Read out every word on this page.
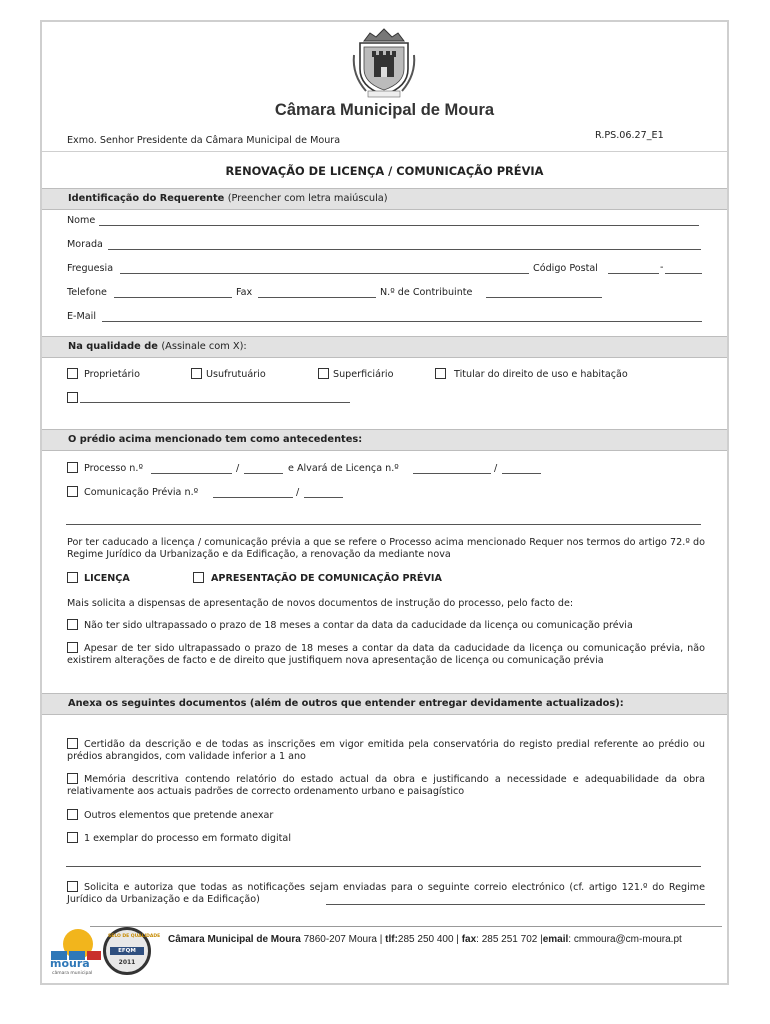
Câmara Municipal de Moura
Exmo. Senhor Presidente da Câmara Municipal de Moura	R.PS.06.27_E1
RENOVAÇÃO DE LICENÇA / COMUNICAÇÃO PRÉVIA
Identificação do Requerente (Preencher com letra maiúscula)
Nome
Morada
Freguesia	Código Postal	-
Telefone	Fax	N.º de Contribuinte
E-Mail
Na qualidade de (Assinale com X):
Proprietário	Usufrutuário	Superficiário	Titular do direito de uso e habitação
O prédio acima mencionado tem como antecedentes:
Processo n.º	/	e Alvará de Licença n.º	/
Comunicação Prévia n.º	/
Por ter caducado a licença / comunicação prévia a que se refere o Processo acima mencionado Requer nos termos do artigo 72.º do Regime Jurídico da Urbanização e da Edificação, a renovação da mediante nova
LICENÇA	APRESENTAÇÃO DE COMUNICAÇÃO PRÉVIA
Mais solicita a dispensas de apresentação de novos documentos de instrução do processo, pelo facto de:
Não ter sido ultrapassado o prazo de 18 meses a contar da data da caducidade da licença ou comunicação prévia
Apesar de ter sido ultrapassado o prazo de 18 meses a contar da data da caducidade da licença ou comunicação prévia, não existirem alterações de facto e de direito que justifiquem nova apresentação de licença ou comunicação prévia
Anexa os seguintes documentos (além de outros que entender entregar devidamente actualizados):
Certidão da descrição e de todas as inscrições em vigor emitida pela conservatória do registo predial referente ao prédio ou prédios abrangidos, com validade inferior a 1 ano
Memória descritiva contendo relatório do estado actual da obra e justificando a necessidade e adequabilidade da obra relativamente aos actuais padrões de correcto ordenamento urbano e paisagístico
Outros elementos que pretende anexar
1 exemplar do processo em formato digital
Solicita e autoriza que todas as notificações sejam enviadas para o seguinte correio electrónico (cf. artigo 121.º do Regime Jurídico da Urbanização e da Edificação)
moura
câmara municipal
SELO DE QUALIDADE
EFQM
2011
Câmara Municipal de Moura 7860-207 Moura | tlf:285 250 400 | fax: 285 251 702 |email: cmmoura@cm-moura.pt
